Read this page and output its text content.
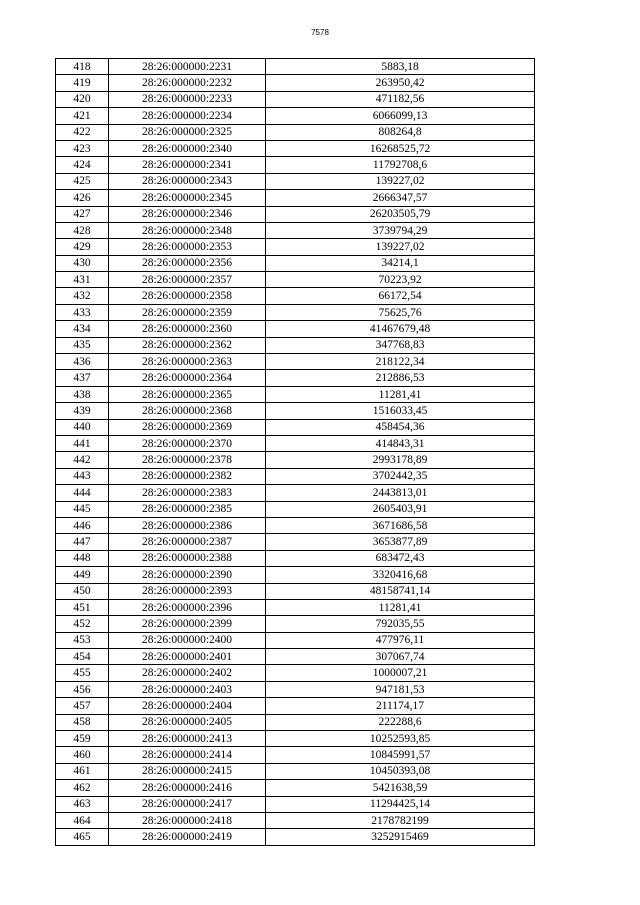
7578
418	28:26:000000:2231	5883,18
419	28:26:000000:2232	263950,42
420	28:26:000000:2233	471182,56
421	28:26:000000:2234	6066099,13
422	28:26:000000:2325	808264,8
423	28:26:000000:2340	16268525,72
424	28:26:000000:2341	11792708,6
425	28:26:000000:2343	139227,02
426	28:26:000000:2345	2666347,57
427	28:26:000000:2346	26203505,79
428	28:26:000000:2348	3739794,29
429	28:26:000000:2353	139227,02
430	28:26:000000:2356	34214,1
431	28:26:000000:2357	70223,92
432	28:26:000000:2358	66172,54
433	28:26:000000:2359	75625,76
434	28:26:000000:2360	41467679,48
435	28:26:000000:2362	347768,83
436	28:26:000000:2363	218122,34
437	28:26:000000:2364	212886,53
438	28:26:000000:2365	11281,41
439	28:26:000000:2368	1516033,45
440	28:26:000000:2369	458454,36
441	28:26:000000:2370	414843,31
442	28:26:000000:2378	2993178,89
443	28:26:000000:2382	3702442,35
444	28:26:000000:2383	2443813,01
445	28:26:000000:2385	2605403,91
446	28:26:000000:2386	3671686,58
447	28:26:000000:2387	3653877,89
448	28:26:000000:2388	683472,43
449	28:26:000000:2390	3320416,68
450	28:26:000000:2393	48158741,14
451	28:26:000000:2396	11281,41
452	28:26:000000:2399	792035,55
453	28:26:000000:2400	477976,11
454	28:26:000000:2401	307067,74
455	28:26:000000:2402	1000007,21
456	28:26:000000:2403	947181,53
457	28:26:000000:2404	211174,17
458	28:26:000000:2405	222288,6
459	28:26:000000:2413	10252593,85
460	28:26:000000:2414	10845991,57
461	28:26:000000:2415	10450393,08
462	28:26:000000:2416	5421638,59
463	28:26:000000:2417	11294425,14
464	28:26:000000:2418	2178782199
465	28:26:000000:2419	3252915469
